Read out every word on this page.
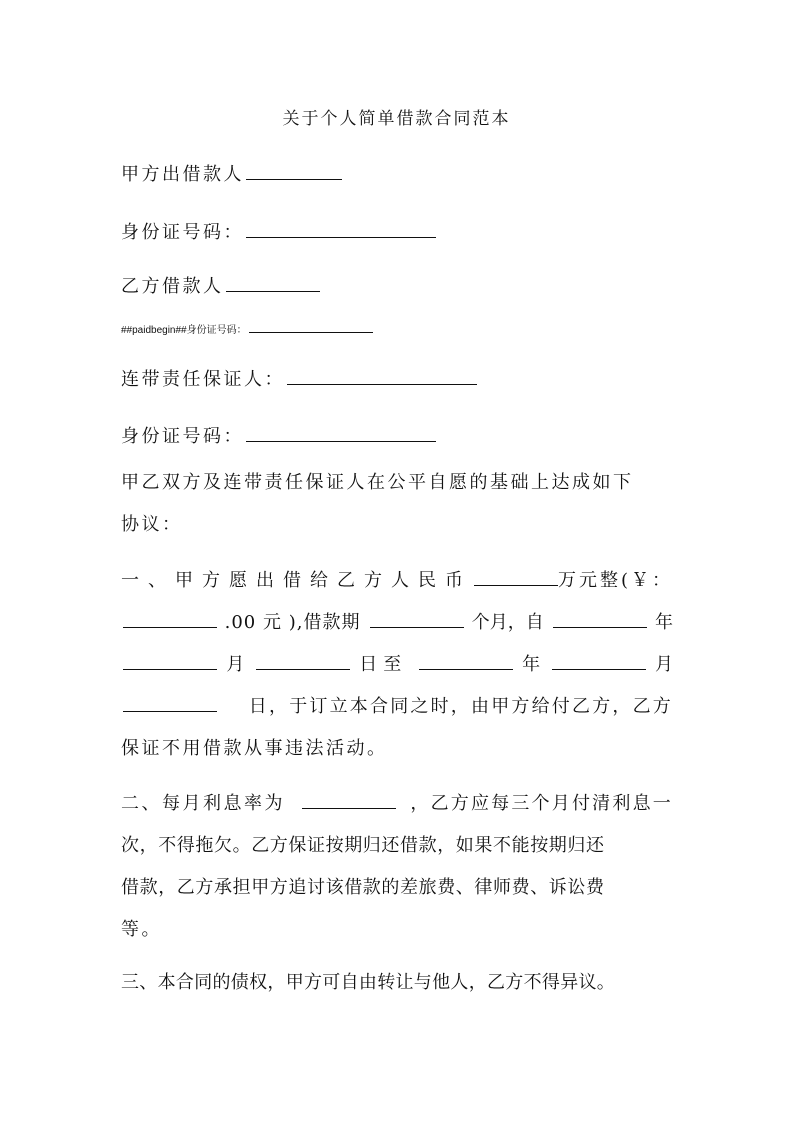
关于个人简单借款合同范本
甲方出借款人
身份证号码：
乙方借款人
##paidbegin##身份证号码：
连带责任保证人：
身份证号码：
甲乙双方及连带责任保证人在公平自愿的基础上达成如下
协议：
一、甲方愿出借给乙方人民币	万元整(￥：
.00 元 ),借款期	个月，自	年
月	日至	年	月
日，于订立本合同之时，由甲方给付乙方，乙方
保证不用借款从事违法活动。
二、每月利息率为	，乙方应每三个月付清利息一
次，不得拖欠。乙方保证按期归还借款，如果不能按期归还
借款，乙方承担甲方追讨该借款的差旅费、律师费、诉讼费
等。
三、本合同的债权，甲方可自由转让与他人，乙方不得异议。
